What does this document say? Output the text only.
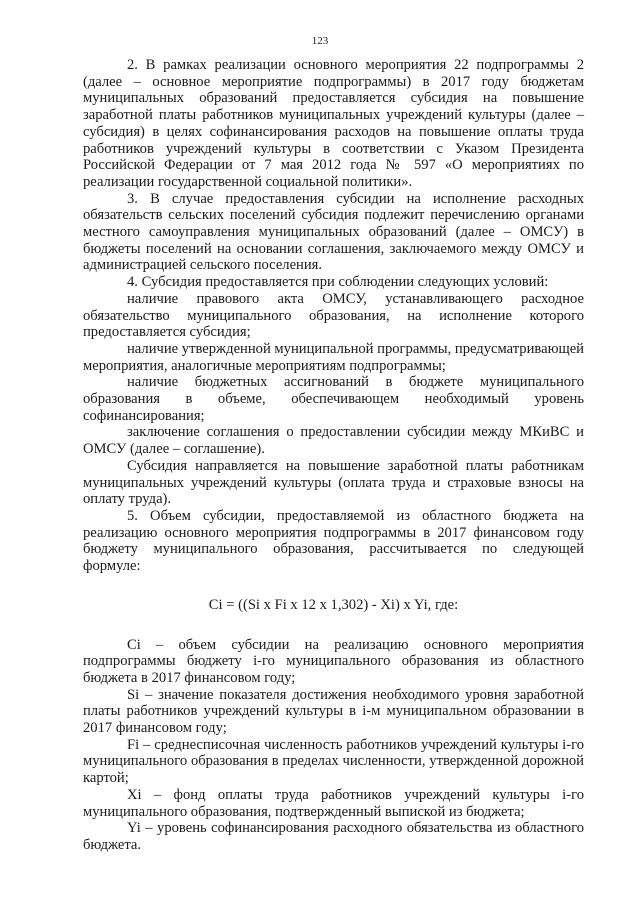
123

2. В рамках реализации основного мероприятия 22 подпрограммы 2 (далее – основное мероприятие подпрограммы) в 2017 году бюджетам муниципальных образований предоставляется субсидия на повышение заработной платы работников муниципальных учреждений культуры (далее – субсидия) в целях софинансирования расходов на повышение оплаты труда работников учреждений культуры в соответствии с Указом Президента Российской Федерации от 7 мая 2012 года № 597 «О мероприятиях по реализации государственной социальной политики».

3. В случае предоставления субсидии на исполнение расходных обязательств сельских поселений субсидия подлежит перечислению органами местного самоуправления муниципальных образований (далее – ОМСУ) в бюджеты поселений на основании соглашения, заключаемого между ОМСУ и администрацией сельского поселения.

4. Субсидия предоставляется при соблюдении следующих условий:

наличие правового акта ОМСУ, устанавливающего расходное обязательство муниципального образования, на исполнение которого предоставляется субсидия;

наличие утвержденной муниципальной программы, предусматривающей мероприятия, аналогичные мероприятиям подпрограммы;

наличие бюджетных ассигнований в бюджете муниципального образования в объеме, обеспечивающем необходимый уровень софинансирования;

заключение соглашения о предоставлении субсидии между МКиВС и ОМСУ (далее – соглашение).

Субсидия направляется на повышение заработной платы работникам муниципальных учреждений культуры (оплата труда и страховые взносы на оплату труда).

5. Объем субсидии, предоставляемой из областного бюджета на реализацию основного мероприятия подпрограммы в 2017 финансовом году бюджету муниципального образования, рассчитывается по следующей формуле:

Ci = ((Si x Fi x 12 x 1,302) - Xi) x Yi, где:

Ci – объем субсидии на реализацию основного мероприятия подпрограммы бюджету i-го муниципального образования из областного бюджета в 2017 финансовом году;

Si – значение показателя достижения необходимого уровня заработной платы работников учреждений культуры в i-м муниципальном образовании в 2017 финансовом году;

Fi – среднесписочная численность работников учреждений культуры i-го муниципального образования в пределах численности, утвержденной дорожной картой;

Xi – фонд оплаты труда работников учреждений культуры i-го муниципального образования, подтвержденный выпиской из бюджета;

Yi – уровень софинансирования расходного обязательства из областного бюджета.
